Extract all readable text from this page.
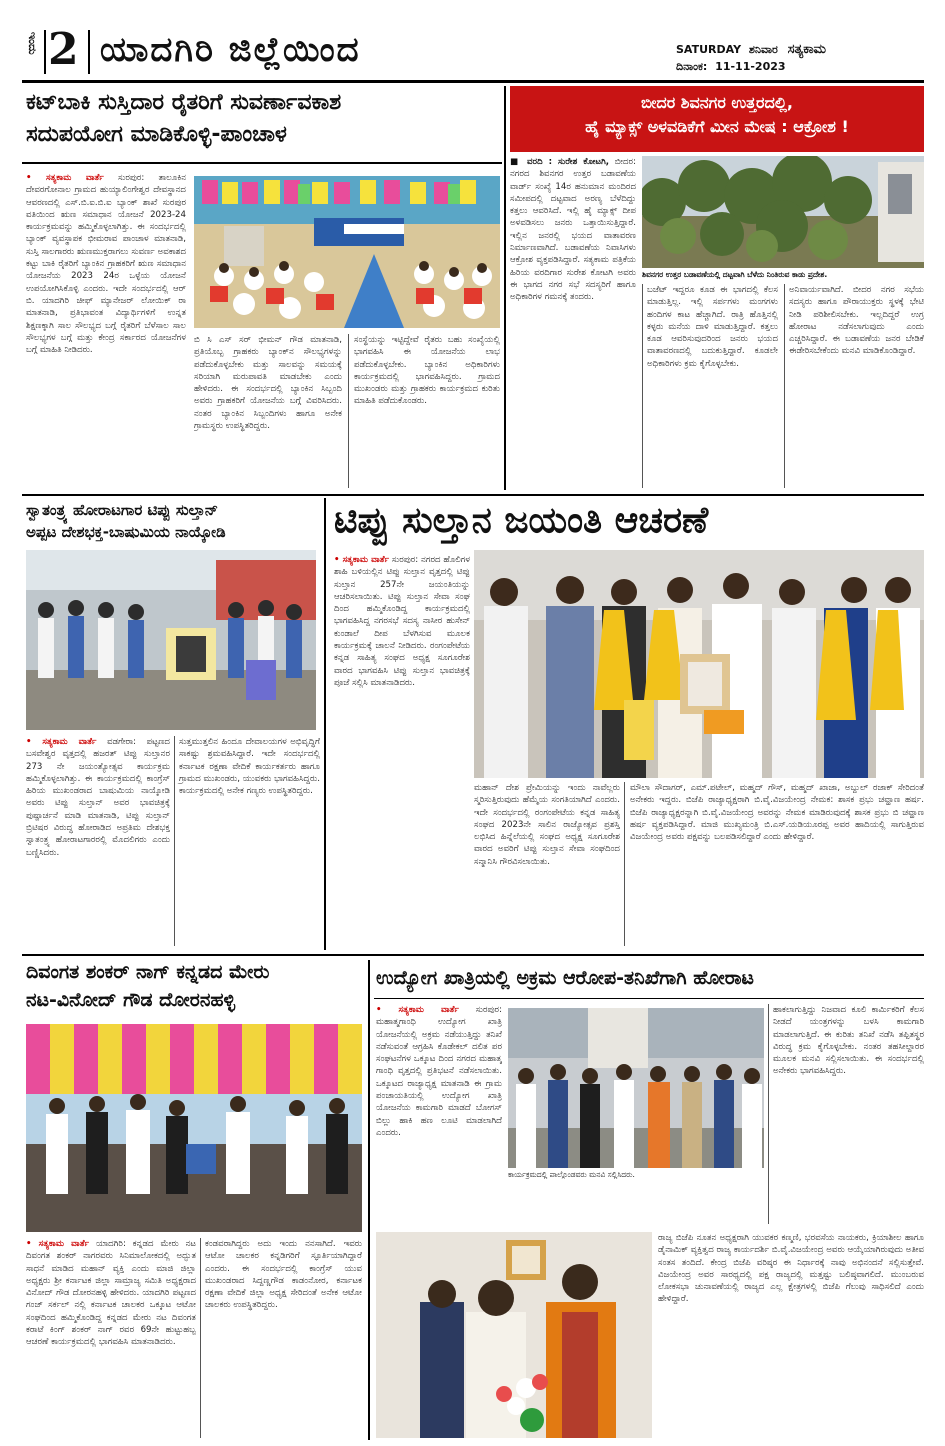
ಇಂದು 2 ಯಾದಗಿರಿ ಜಿಲ್ಲೆಯಿಂದ	SATURDAY ಶನಿವಾರ ಸತ್ಯಕಾಮ
ದಿನಾಂಕ: 11-11-2023
ಕಟ್‌ಬಾಕಿ ಸುಸ್ತಿದಾರ ರೈತರಿಗೆ ಸುವರ್ಣಾವಕಾಶ
ಸದುಪಯೋಗ ಮಾಡಿಕೊಳ್ಳಿ-ಪಾಂಚಾಳ
• ಸತ್ಯಕಾಮ ವಾರ್ತೆ ಸುರಪುರ: ತಾಲೂಕಿನ ದೇವರಗೋನಾಲ ಗ್ರಾಮದ ಹುಯ್ಯಾಲಿಂಗೇಶ್ವರ ದೇವಸ್ಥಾನದ ಆವರಣದಲ್ಲಿ ಎಸ್.ಬಿ.ಐ.ಬಿ.ಐ ಬ್ಯಾಂಕ್ ಶಾಖೆ ಸುರಪುರ ವತಿಯಿಂದ ಋಣ ಸಮಾಧಾನ ಯೋಜನೆ 2023-24 ಕಾರ್ಯಕ್ರಮವನ್ನು ಹಮ್ಮಿಕೊಳ್ಳಲಾಗಿತ್ತು. ಈ ಸಂದರ್ಭದಲ್ಲಿ ಬ್ಯಾಂಕ್ ವ್ಯವಸ್ಥಾಪಕ ಭೀಮರಾವ ಪಾಂಚಾಳ ಮಾತನಾಡಿ, ಸುಸ್ತಿ ಸಾಲಗಾರರು ಋಣಮುಕ್ತರಾಗಲು ಸುವರ್ಣ ಅವಕಾಶದ ಕಟ್ಟು ಬಾಕಿ ರೈತರಿಗೆ ಬ್ಯಾಂಕಿನ ಗ್ರಾಹಕರಿಗೆ ಋಣ ಸಮಾಧಾನ ಯೋಜನೆಯ 2023 24ರ ಒಳ್ಳೆಯ ಯೋಜನೆ ಉಪಯೋಗಿಸಿಕೊಳ್ಳಿ ಎಂದರು. ಇದೇ ಸಂದರ್ಭದಲ್ಲಿ ಆರ್ ಬಿ. ಯಾದಗಿರಿ ಚೀಫ್ ಮ್ಯಾನೇಜರ್ ಲೋಯಿಕ್ ರಾ ಮಾತನಾಡಿ, ಪ್ರತಿಭಾವಂತ ವಿದ್ಯಾರ್ಥಿಗಳಿಗೆ ಉನ್ನತ ಶಿಕ್ಷಣಕ್ಕಾಗಿ ಸಾಲ ಸೌಲಭ್ಯದ ಬಗ್ಗೆ ರೈತರಿಗೆ ಬೆಳೆಸಾಲ ಸಾಲ ಸೌಲಭ್ಯಗಳ ಬಗ್ಗೆ ಮತ್ತು ಕೇಂದ್ರ ಸರ್ಕಾರದ ಯೋಜನೆಗಳ ಬಗ್ಗೆ ಮಾಹಿತಿ ನೀಡಿದರು.
ಬಿ ಸಿ ಎಸ್ ಸರ್ ಭೀಮನ್ ಗೌಡ ಮಾತನಾಡಿ, ಪ್ರತಿಯೊಬ್ಬ ಗ್ರಾಹಕರು ಬ್ಯಾಂಕ್‌ನ ಸೌಲಭ್ಯಗಳನ್ನು ಪಡೆದುಕೊಳ್ಳಬೇಕು ಮತ್ತು ಸಾಲವನ್ನು ಸಮಯಕ್ಕೆ ಸರಿಯಾಗಿ ಮರುಪಾವತಿ ಮಾಡಬೇಕು ಎಂದು ಹೇಳಿದರು. ಈ ಸಂದರ್ಭದಲ್ಲಿ ಬ್ಯಾಂಕಿನ ಸಿಬ್ಬಂದಿ ಅವರು ಗ್ರಾಹಕರಿಗೆ ಯೋಜನೆಯ ಬಗ್ಗೆ ವಿವರಿಸಿದರು. ನಂತರ ಬ್ಯಾಂಕಿನ ಸಿಬ್ಬಂದಿಗಳು ಹಾಗೂ ಅನೇಕ ಗ್ರಾಮಸ್ಥರು ಉಪಸ್ಥಿತರಿದ್ದರು.
ಸಂಸ್ಥೆಯನ್ನು ಇಟ್ಟಿದ್ದೇವೆ ರೈತರು ಬಹು ಸಂಖ್ಯೆಯಲ್ಲಿ ಭಾಗವಹಿಸಿ ಈ ಯೋಜನೆಯ ಲಾಭ ಪಡೆದುಕೊಳ್ಳಬೇಕು. ಬ್ಯಾಂಕಿನ ಅಧಿಕಾರಿಗಳು ಕಾರ್ಯಕ್ರಮದಲ್ಲಿ ಭಾಗವಹಿಸಿದ್ದರು. ಗ್ರಾಮದ ಮುಖಂಡರು ಮತ್ತು ಗ್ರಾಹಕರು ಕಾರ್ಯಕ್ರಮದ ಕುರಿತು ಮಾಹಿತಿ ಪಡೆದುಕೊಂಡರು.
ಬೀದರ ಶಿವನಗರ ಉತ್ತರದಲ್ಲಿ,
ಹೈ ಮ್ಯಾಕ್ಸ್ ಅಳವಡಿಕೆಗೆ ಮೀನ ಮೇಷ : ಆಕ್ರೋಶ !
■ ವರದಿ : ಸುರೇಶ ಕೋಟಗಿ, ಬೀದರ: ನಗರದ ಶಿವನಗರ ಉತ್ತರ ಬಡಾವಣೆಯ ವಾರ್ಡ್ ಸಂಖ್ಯೆ 14ರ ಹನುಮಾನ ಮಂದಿರದ ಸಮೀಪದಲ್ಲಿ ದಟ್ಟವಾದ ಅರಣ್ಯ ಬೆಳೆದಿದ್ದು ಕತ್ತಲು ಆವರಿಸಿದೆ. ಇಲ್ಲಿ ಹೈ ಮ್ಯಾಕ್ಸ್ ದೀಪ ಅಳವಡಿಸಲು ಜನರು ಒತ್ತಾಯಿಸುತ್ತಿದ್ದಾರೆ. ಇಲ್ಲಿನ ಜನರಲ್ಲಿ ಭಯದ ವಾತಾವರಣ ನಿರ್ಮಾಣವಾಗಿದೆ. ಬಡಾವಣೆಯ ನಿವಾಸಿಗಳು ಆಕ್ರೋಶ ವ್ಯಕ್ತಪಡಿಸಿದ್ದಾರೆ. ಸತ್ಯಕಾಮ ಪತ್ರಿಕೆಯ ಹಿರಿಯ ವರದಿಗಾರ ಸುರೇಶ ಕೋಟಗಿ ಅವರು ಈ ಭಾಗದ ನಗರ ಸಭೆ ಸದಸ್ಯರಿಗೆ ಹಾಗೂ ಅಧಿಕಾರಿಗಳ ಗಮನಕ್ಕೆ ತಂದರು.
ಶಿವನಗರ ಉತ್ತರ ಬಡಾವಣೆಯಲ್ಲಿ ದಟ್ಟವಾಗಿ ಬೆಳೆದು ನಿಂತಿರುವ ಕಾಡು ಪ್ರದೇಶ.
ಬಜೆಟ್ ಇದ್ದರೂ ಕೂಡ ಈ ಭಾಗದಲ್ಲಿ ಕೆಲಸ ಮಾಡುತ್ತಿಲ್ಲ. ಇಲ್ಲಿ ಸರ್ಪಗಳು ಮಂಗಗಳು ಹಂದಿಗಳ ಕಾಟ ಹೆಚ್ಚಾಗಿದೆ. ರಾತ್ರಿ ಹೊತ್ತಿನಲ್ಲಿ ಕಳ್ಳರು ಮನೆಯ ದಾಳಿ ಮಾಡುತ್ತಿದ್ದಾರೆ. ಕತ್ತಲು ಕೂಡ ಆವರಿಸುವುದರಿಂದ ಜನರು ಭಯದ ವಾತಾವರಣದಲ್ಲಿ ಬದುಕುತ್ತಿದ್ದಾರೆ. ಕೂಡಲೇ ಅಧಿಕಾರಿಗಳು ಕ್ರಮ ಕೈಗೊಳ್ಳಬೇಕು.
ಅನಿವಾರ್ಯವಾಗಿದೆ. ಬೀದರ ನಗರ ಸಭೆಯ ಸದಸ್ಯರು ಹಾಗೂ ಪೌರಾಯುಕ್ತರು ಸ್ಥಳಕ್ಕೆ ಭೇಟಿ ನೀಡಿ ಪರಿಶೀಲಿಸಬೇಕು. ಇಲ್ಲದಿದ್ದರೆ ಉಗ್ರ ಹೋರಾಟ ನಡೆಸಲಾಗುವುದು ಎಂದು ಎಚ್ಚರಿಸಿದ್ದಾರೆ. ಈ ಬಡಾವಣೆಯ ಜನರ ಬೇಡಿಕೆ ಈಡೇರಿಸಬೇಕೆಂದು ಮನವಿ ಮಾಡಿಕೊಂಡಿದ್ದಾರೆ.
ಸ್ವಾತಂತ್ರ್ಯ ಹೋರಾಟಗಾರ ಟಿಪ್ಪು ಸುಲ್ತಾನ್
ಅಪ್ಪಟ ದೇಶಭಕ್ತ-ಬಾಷುಮಿಯ ನಾಯ್ಕೋಡಿ
• ಸತ್ಯಕಾಮ ವಾರ್ತೆ ವಡಗೇರಾ: ಪಟ್ಟಣದ ಬಸವೇಶ್ವರ ವೃತ್ತದಲ್ಲಿ ಹಜರತ್ ಟಿಪ್ಪು ಸುಲ್ತಾನರ 273 ನೇ ಜಯಂತ್ಯೋತ್ಸವ ಕಾರ್ಯಕ್ರಮ ಹಮ್ಮಿಕೊಳ್ಳಲಾಗಿತ್ತು. ಈ ಕಾರ್ಯಕ್ರಮದಲ್ಲಿ ಕಾಂಗ್ರೆಸ್ ಹಿರಿಯ ಮುಖಂಡರಾದ ಬಾಷುಮಿಯ ನಾಯ್ಕೋಡಿ ಅವರು ಟಿಪ್ಪು ಸುಲ್ತಾನ್ ಅವರ ಭಾವಚಿತ್ರಕ್ಕೆ ಪುಷ್ಪಾರ್ಚನೆ ಮಾಡಿ ಮಾತನಾಡಿ, ಟಿಪ್ಪು ಸುಲ್ತಾನ್ ಬ್ರಿಟಿಷರ ವಿರುದ್ಧ ಹೋರಾಡಿದ ಅಪ್ರತಿಮ ದೇಶಭಕ್ತ ಸ್ವಾತಂತ್ರ್ಯ ಹೋರಾಟಗಾರರಲ್ಲಿ ಮೊದಲಿಗರು ಎಂದು ಬಣ್ಣಿಸಿದರು.
ಸುತ್ತಮುತ್ತಲಿನ ಹಿಂದೂ ದೇವಾಲಯಗಳ ಅಭಿವೃದ್ಧಿಗೆ ಸಾಕಷ್ಟು ಶ್ರಮವಹಿಸಿದ್ದಾರೆ. ಇದೇ ಸಂದರ್ಭದಲ್ಲಿ ಕರ್ನಾಟಕ ರಕ್ಷಣಾ ವೇದಿಕೆ ಕಾರ್ಯಕರ್ತರು ಹಾಗೂ ಗ್ರಾಮದ ಮುಖಂಡರು, ಯುವಕರು ಭಾಗವಹಿಸಿದ್ದರು. ಕಾರ್ಯಕ್ರಮದಲ್ಲಿ ಅನೇಕ ಗಣ್ಯರು ಉಪಸ್ಥಿತರಿದ್ದರು.
ಟಿಪ್ಪು ಸುಲ್ತಾನ ಜಯಂತಿ ಆಚರಣೆ
• ಸತ್ಯಕಾಮ ವಾರ್ತೆ ಸುರಪುರ: ನಗರದ ಹೊಲಿಗಳ ಶಾಹಿ ಬಳಿಯಲ್ಲಿನ ಟಿಪ್ಪು ಸುಲ್ತಾನ ವೃತ್ತದಲ್ಲಿ ಟಿಪ್ಪು ಸುಲ್ತಾನ 257ನೇ ಜಯಂತಿಯನ್ನು ಆಚರಿಸಲಾಯಿತು. ಟಿಪ್ಪು ಸುಲ್ತಾನ ಸೇವಾ ಸಂಘ ದಿಂದ ಹಮ್ಮಿಕೊಂಡಿದ್ದ ಕಾರ್ಯಕ್ರಮದಲ್ಲಿ ಭಾಗವಹಿಸಿದ್ದ ನಗರಸಭೆ ಸದಸ್ಯ ನಾಸೀರ ಹುಸೇನ್ ಕುಂಡಾಲೆ ದೀಪ ಬೆಳಗಿಸುವ ಮೂಲಕ ಕಾರ್ಯಕ್ರಮಕ್ಕೆ ಚಾಲನೆ ನೀಡಿದರು. ರಂಗಂಪೇಟೆಯ ಕನ್ನಡ ಸಾಹಿತ್ಯ ಸಂಘದ ಅಧ್ಯಕ್ಷ ಸೂಗೂರೇಶ ವಾರದ ಭಾಗವಹಿಸಿ ಟಿಪ್ಪು ಸುಲ್ತಾನ ಭಾವಚಿತ್ರಕ್ಕೆ ಪೂಜೆ ಸಲ್ಲಿಸಿ ಮಾತನಾಡಿದರು.
ಮಹಾನ್ ದೇಶ ಪ್ರೇಮಿಯನ್ನು ಇಂದು ನಾವೆಲ್ಲರು ಸ್ಮರಿಸುತ್ತಿರುವುದು ಹೆಮ್ಮೆಯ ಸಂಗತಿಯಾಗಿದೆ ಎಂದರು. ಇದೇ ಸಂದರ್ಭದಲ್ಲಿ ರಂಗಂಪೇಟೆಯ ಕನ್ನಡ ಸಾಹಿತ್ಯ ಸಂಘದ 2023ನೇ ಸಾಲಿನ ರಾಜ್ಯೋತ್ಸವ ಪ್ರಶಸ್ತಿ ಲಭಿಸಿದ ಹಿನ್ನೆಲೆಯಲ್ಲಿ ಸಂಘದ ಅಧ್ಯಕ್ಷ ಸೂಗೂರೇಶ ವಾರದ ಅವರಿಗೆ ಟಿಪ್ಪು ಸುಲ್ತಾನ ಸೇವಾ ಸಂಘದಿಂದ ಸನ್ಮಾನಿಸಿ ಗೌರವಿಸಲಾಯಿತು.
ಮೌಲಾ ಸೌದಾಗರ್, ಎಮ್.ಪಟೇಲ್, ಮಹ್ಮದ್ ಗೌಸ್, ಮಹ್ಮದ್ ಖಾಜಾ, ಅಬ್ದುಲ್ ರಜಾಕ್ ಸೇರಿದಂತೆ ಅನೇಕರು ಇದ್ದರು. ಬಿಜೆಪಿ ರಾಜ್ಯಾಧ್ಯಕ್ಷರಾಗಿ ಬಿ.ವೈ.ವಿಜಯೇಂದ್ರ ನೇಮಕ: ಶಾಸಕ ಪ್ರಭು ಚವ್ಹಾಣ ಹರ್ಷ. ಬಿಜೆಪಿ ರಾಜ್ಯಾಧ್ಯಕ್ಷರನ್ನಾಗಿ ಬಿ.ವೈ.ವಿಜಯೇಂದ್ರ ಅವರನ್ನು ನೇಮಕ ಮಾಡಿರುವುದಕ್ಕೆ ಶಾಸಕ ಪ್ರಭು ಬಿ ಚವ್ಹಾಣ ಹರ್ಷ ವ್ಯಕ್ತಪಡಿಸಿದ್ದಾರೆ. ಮಾಜಿ ಮುಖ್ಯಮಂತ್ರಿ ಬಿ.ಎಸ್.ಯಡಿಯೂರಪ್ಪ ಅವರ ಹಾದಿಯಲ್ಲಿ ಸಾಗುತ್ತಿರುವ ವಿಜಯೇಂದ್ರ ಅವರು ಪಕ್ಷವನ್ನು ಬಲಪಡಿಸಲಿದ್ದಾರೆ ಎಂದು ಹೇಳಿದ್ದಾರೆ.
ದಿವಂಗತ ಶಂಕರ್ ನಾಗ್ ಕನ್ನಡದ ಮೇರು
ನಟ-ವಿನೋದ್ ಗೌಡ ದೋರನಹಳ್ಳಿ
• ಸತ್ಯಕಾಮ ವಾರ್ತೆ ಯಾದಗಿರಿ: ಕನ್ನಡದ ಮೇರು ನಟ ದಿವಂಗತ ಶಂಕರ್ ನಾಗರವರು ಸಿನಿಮಾಲೋಕದಲ್ಲಿ ಅದ್ಭುತ ಸಾಧನೆ ಮಾಡಿದ ಮಹಾನ್ ವ್ಯಕ್ತಿ ಎಂದು ಮಾಜಿ ಜಿಲ್ಲಾ ಅಧ್ಯಕ್ಷರು ಶ್ರೀ ಕರ್ನಾಟಕ ಜಿಲ್ಲಾ ಸಾಮ್ರಾಜ್ಯ ಸಮಿತಿ ಅಧ್ಯಕ್ಷರಾದ ವಿನೋದ್ ಗೌಡ ದೋರನಹಳ್ಳಿ ಹೇಳಿದರು. ಯಾದಗಿರಿ ಪಟ್ಟಣದ ಗಂಜ್ ಸರ್ಕಲ್ ನಲ್ಲಿ ಕರ್ನಾಟಕ ಚಾಲಕರ ಒಕ್ಕೂಟ ಆಟೋ ಸಂಘದಿಂದ ಹಮ್ಮಿಕೊಂಡಿದ್ದ ಕನ್ನಡದ ಮೇರು ನಟ ದಿವಂಗತ ಕರಾಟೆ ಕಿಂಗ್ ಶಂಕರ್ ನಾಗ್ ರವರ 69ನೇ ಹುಟ್ಟುಹಬ್ಬ ಆಚರಣೆ ಕಾರ್ಯಕ್ರಮದಲ್ಲಿ ಭಾಗವಹಿಸಿ ಮಾತನಾಡಿದರು.
ಕಂಡವರಾಗಿದ್ದರು ಅದು ಇಂದು ನನಸಾಗಿದೆ. ಇವರು ಆಟೋ ಚಾಲಕರ ಕನ್ನಡಿಗರಿಗೆ ಸ್ಫೂರ್ತಿಯಾಗಿದ್ದಾರೆ ಎಂದರು. ಈ ಸಂದರ್ಭದಲ್ಲಿ ಕಾಂಗ್ರೆಸ್ ಯುವ ಮುಖಂಡರಾದ ಸಿದ್ದಣ್ಣಗೌಡ ಕಾಡಂನೋರ, ಕರ್ನಾಟಕ ರಕ್ಷಣಾ ವೇದಿಕೆ ಜಿಲ್ಲಾ ಅಧ್ಯಕ್ಷ ಸೇರಿದಂತೆ ಅನೇಕ ಆಟೋ ಚಾಲಕರು ಉಪಸ್ಥಿತರಿದ್ದರು.
ಉದ್ಯೋಗ ಖಾತ್ರಿಯಲ್ಲಿ ಅಕ್ರಮ ಆರೋಪ-ತನಿಖೆಗಾಗಿ ಹೋರಾಟ
• ಸತ್ಯಕಾಮ ವಾರ್ತೆ ಸುರಪುರ: ಮಹಾತ್ಮಗಾಂಧಿ ಉದ್ಯೋಗ ಖಾತ್ರಿ ಯೋಜನೆಯಲ್ಲಿ ಅಕ್ರಮ ನಡೆಯುತ್ತಿದ್ದು ತನಿಖೆ ನಡೆಸುವಂತೆ ಆಗ್ರಹಿಸಿ ಕೊಡೇಕಲ್ ದಲಿತ ಪರ ಸಂಘಟನೆಗಳ ಒಕ್ಕೂಟ ದಿಂದ ನಗರದ ಮಹಾತ್ಮ ಗಾಂಧಿ ವೃತ್ತದಲ್ಲಿ ಪ್ರತಿಭಟನೆ ನಡೆಸಲಾಯಿತು. ಒಕ್ಕೂಟದ ರಾಜ್ಯಾಧ್ಯಕ್ಷ ಮಾತನಾಡಿ ಈ ಗ್ರಾಮ ಪಂಚಾಯತಿಯಲ್ಲಿ ಉದ್ಯೋಗ ಖಾತ್ರಿ ಯೋಜನೆಯ ಕಾಮಗಾರಿ ಮಾಡದೆ ಬೋಗಸ್ ಬಿಲ್ಲು ಹಾಕಿ ಹಣ ಲೂಟಿ ಮಾಡಲಾಗಿದೆ ಎಂದರು.
ಕಾರ್ಯಕ್ರಮದಲ್ಲಿ ಪಾಲ್ಗೊಂಡವರು ಮನವಿ ಸಲ್ಲಿಸಿದರು.
ಹಾಕಲಾಗುತ್ತಿದ್ದು ನಿಜವಾದ ಕೂಲಿ ಕಾರ್ಮಿಕರಿಗೆ ಕೆಲಸ ನೀಡದೆ ಯಂತ್ರಗಳನ್ನು ಬಳಸಿ ಕಾಮಗಾರಿ ಮಾಡಲಾಗುತ್ತಿದೆ. ಈ ಕುರಿತು ತನಿಖೆ ನಡೆಸಿ ತಪ್ಪಿತಸ್ಥರ ವಿರುದ್ಧ ಕ್ರಮ ಕೈಗೊಳ್ಳಬೇಕು. ನಂತರ ತಹಸೀಲ್ದಾರರ ಮೂಲಕ ಮನವಿ ಸಲ್ಲಿಸಲಾಯಿತು. ಈ ಸಂದರ್ಭದಲ್ಲಿ ಅನೇಕರು ಭಾಗವಹಿಸಿದ್ದರು.
ರಾಜ್ಯ ಬಿಜೆಪಿ ನೂತನ ಅಧ್ಯಕ್ಷರಾಗಿ ಯುವಕರ ಕಣ್ಮಣಿ, ಭರವಸೆಯ ನಾಯಕರು, ಕ್ರಿಯಾಶೀಲ ಹಾಗೂ ಡೈನಾಮಿಕ್ ವ್ಯಕ್ತಿತ್ವದ ರಾಜ್ಯ ಕಾರ್ಯದರ್ಶಿ ಬಿ.ವೈ.ವಿಜಯೇಂದ್ರ ಅವರು ಆಯ್ಕೆಯಾಗಿರುವುದು ಅತೀವ ಸಂತಸ ತಂದಿದೆ. ಕೇಂದ್ರ ಬಿಜೆಪಿ ವರಿಷ್ಠರ ಈ ನಿರ್ಧಾರಕ್ಕೆ ನಾವು ಅಭಿನಂದನೆ ಸಲ್ಲಿಸುತ್ತೇವೆ. ವಿಜಯೇಂದ್ರ ಅವರ ಸಾರಥ್ಯದಲ್ಲಿ ಪಕ್ಷ ರಾಜ್ಯದಲ್ಲಿ ಮತ್ತಷ್ಟು ಬಲಿಷ್ಠವಾಗಲಿದೆ. ಮುಂಬರುವ ಲೋಕಸಭಾ ಚುನಾವಣೆಯಲ್ಲಿ ರಾಜ್ಯದ ಎಲ್ಲ ಕ್ಷೇತ್ರಗಳಲ್ಲಿ ಬಿಜೆಪಿ ಗೆಲುವು ಸಾಧಿಸಲಿದೆ ಎಂದು ಹೇಳಿದ್ದಾರೆ.
